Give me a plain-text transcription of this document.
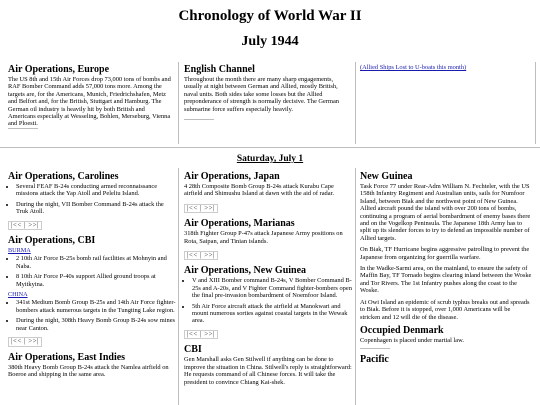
Chronology of World War II
July 1944
Air Operations, Europe

The US 8th and 15th Air Forces drop 73,000 tons of bombs and RAF Bomber Command adds 57,000 tons more. Among the targets are, for the Americans, Munich, Friedrichshafen, Metz and Belfort and, for the British, Stuttgart and Hamburg. The German oil industry is heavily hit by both British and Americans especially at Wesseling, Bohlen, Merseburg, Vienna and Ploesti.

English Channel

Throughout the month there are many sharp engagements, usually at night between German and Allied, mostly British, naval units. Both sides take some losses but the Allied preponderance of strength is normally decisive. The German submarine force suffers especially heavily.

(Allied Ships Lost to U-boats this month)
Saturday, July 1
Air Operations, Carolines
• Several FEAF B-24s conducting armed reconnaissance missions attack the Yap Atoll and Peleliu Island.
• During the night, VII Bomber Command B-24s attack the Truk Atoll.
|<< | >>|
Air Operations, CBI
BURMA
• 2 10th Air Force B-25s bomb rail facilities at Mohnyin and Naba.
• 8 10th Air Force P-40s support Allied ground troops at Myitkyina.
CHINA
• 341st Medium Bomb Group B-25s and 14th Air Force fighter-bombers attack numerous targets in the Tungting Lake region.
• During the night, 308th Heavy Bomb Group B-24s sow mines near Canton.
|<< | >>|
Air Operations, East Indies

380th Heavy Bomb Group B-24s attack the Namlea airfield on Boeroe and shipping in the same area.

Air Operations, Japan

4 28th Composite Bomb Group B-24s attack Kurabu Cape airfield and Shimushu Island at dawn with the aid of radar.

|<< | >>|
Air Operations, Marianas

318th Fighter Group P-47s attack Japanese Army positions on Rota, Saipan, and Tinian islands.

|<< | >>|
Air Operations, New Guinea
• V and XIII Bomber command B-24s, V Bomber Command B-25s and A-20s, and V Fighter Command fighter-bombers open the final pre-invasion bombardment of Noemfoor Island.
• 5th Air Force aircraft attack the airfield at Manokwari and mount numerous sorties against coastal targets in the Wewak area.
|<< | >>|
CBI

Gen Marshall asks Gen Stilwell if anything can be done to improve the situation in China. Stilwell's reply is straightforward: He requests command of all Chinese forces. It will take the president to convince Chiang Kai-shek.

New Guinea

Task Force 77 under Rear-Adm William N. Fechteler, with the US 158th Infantry Regiment and Australian units, sails for Numfoor Island, between Biak and the northwest point of New Guinea. Allied aircraft pound the island with over 200 tons of bombs, continuing a program of aerial bombardment of enemy bases there and on the Vogelkop Peninsula. The Japanese 18th Army has to split up its slender forces to try to defend an impossible number of Allied targets.

On Biak, TF Hurricane begins aggressive patrolling to prevent the Japanese from organizing for guerrilla warfare.

In the Wadke-Sarmi area, on the mainland, to ensure the safety of Maffin Bay, TF Tornado begins clearing inland between the Woske and Tor Rivers. The 1st Infantry pushes along the coast to the Woske.

At Owi Island an epidemic of scrub typhus breaks out and spreads to Biak. Before it is stopped, over 1,000 Americans will be stricken and 12 will die of the disease.

Occupied Denmark

Copenhagen is placed under martial law.

Pacific
